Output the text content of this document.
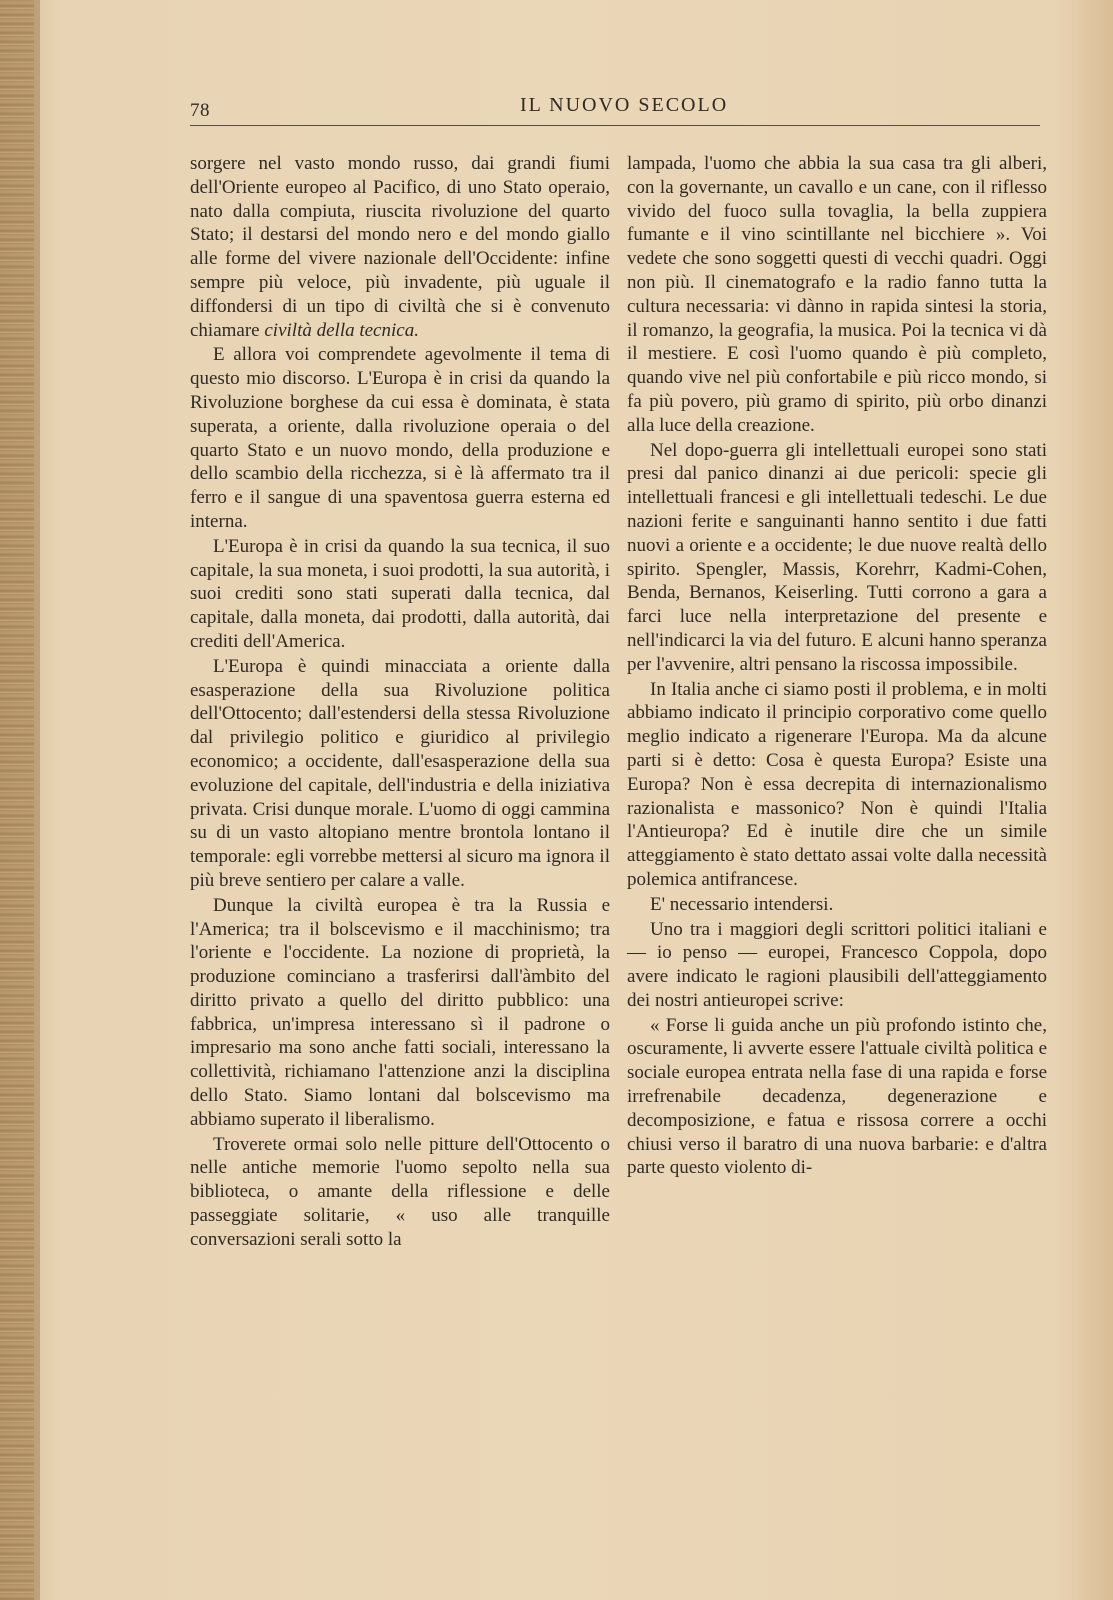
78	IL NUOVO SECOLO

sorgere nel vasto mondo russo, dai grandi fiumi dell'Oriente europeo al Pacifico, di uno Stato operaio, nato dalla compiuta, riuscita rivoluzione del quarto Stato; il destarsi del mondo nero e del mondo giallo alle forme del vivere nazionale dell'Occidente: infine sempre più veloce, più invadente, più uguale il diffondersi di un tipo di civiltà che si è convenuto chiamare civiltà della tecnica.

E allora voi comprendete agevolmente il tema di questo mio discorso. L'Europa è in crisi da quando la Rivoluzione borghese da cui essa è dominata, è stata superata, a oriente, dalla rivoluzione operaia o del quarto Stato e un nuovo mondo, della produzione e dello scambio della ricchezza, si è là affermato tra il ferro e il sangue di una spaventosa guerra esterna ed interna.

L'Europa è in crisi da quando la sua tecnica, il suo capitale, la sua moneta, i suoi prodotti, la sua autorità, i suoi crediti sono stati superati dalla tecnica, dal capitale, dalla moneta, dai prodotti, dalla autorità, dai crediti dell'America.

L'Europa è quindi minacciata a oriente dalla esasperazione della sua Rivoluzione politica dell'Ottocento; dall'estendersi della stessa Rivoluzione dal privilegio politico e giuridico al privilegio economico; a occidente, dall'esasperazione della sua evoluzione del capitale, dell'industria e della iniziativa privata. Crisi dunque morale. L'uomo di oggi cammina su di un vasto altopiano mentre brontola lontano il temporale: egli vorrebbe mettersi al sicuro ma ignora il più breve sentiero per calare a valle.

Dunque la civiltà europea è tra la Russia e l'America; tra il bolscevismo e il macchinismo; tra l'oriente e l'occidente. La nozione di proprietà, la produzione cominciano a trasferirsi dall'àmbito del diritto privato a quello del diritto pubblico: una fabbrica, un'impresa interessano sì il padrone o impresario ma sono anche fatti sociali, interessano la collettività, richiamano l'attenzione anzi la disciplina dello Stato. Siamo lontani dal bolscevismo ma abbiamo superato il liberalismo.

Troverete ormai solo nelle pitture dell'Ottocento o nelle antiche memorie l'uomo sepolto nella sua biblioteca, o amante della riflessione e delle passeggiate solitarie, « uso alle tranquille conversazioni serali sotto la

lampada, l'uomo che abbia la sua casa tra gli alberi, con la governante, un cavallo e un cane, con il riflesso vivido del fuoco sulla tovaglia, la bella zuppiera fumante e il vino scintillante nel bicchiere ». Voi vedete che sono soggetti questi di vecchi quadri. Oggi non più. Il cinematografo e la radio fanno tutta la cultura necessaria: vi dànno in rapida sintesi la storia, il romanzo, la geografia, la musica. Poi la tecnica vi dà il mestiere. E così l'uomo quando è più completo, quando vive nel più confortabile e più ricco mondo, si fa più povero, più gramo di spirito, più orbo dinanzi alla luce della creazione.

Nel dopo-guerra gli intellettuali europei sono stati presi dal panico dinanzi ai due pericoli: specie gli intellettuali francesi e gli intellettuali tedeschi. Le due nazioni ferite e sanguinanti hanno sentito i due fatti nuovi a oriente e a occidente; le due nuove realtà dello spirito. Spengler, Massis, Korehrr, Kadmi-Cohen, Benda, Bernanos, Keiserling. Tutti corrono a gara a farci luce nella interpretazione del presente e nell'indicarci la via del futuro. E alcuni hanno speranza per l'avvenire, altri pensano la riscossa impossibile.

In Italia anche ci siamo posti il problema, e in molti abbiamo indicato il principio corporativo come quello meglio indicato a rigenerare l'Europa. Ma da alcune parti si è detto: Cosa è questa Europa? Esiste una Europa? Non è essa decrepita di internazionalismo razionalista e massonico? Non è quindi l'Italia l'Antieuropa? Ed è inutile dire che un simile atteggiamento è stato dettato assai volte dalla necessità polemica antifrancese.

E' necessario intendersi.

Uno tra i maggiori degli scrittori politici italiani e — io penso — europei, Francesco Coppola, dopo avere indicato le ragioni plausibili dell'atteggiamento dei nostri antieuropei scrive:

« Forse li guida anche un più profondo istinto che, oscuramente, li avverte essere l'attuale civiltà politica e sociale europea entrata nella fase di una rapida e forse irrefrenabile decadenza, degenerazione e decomposizione, e fatua e rissosa correre a occhi chiusi verso il baratro di una nuova barbarie: e d'altra parte questo violento di-
